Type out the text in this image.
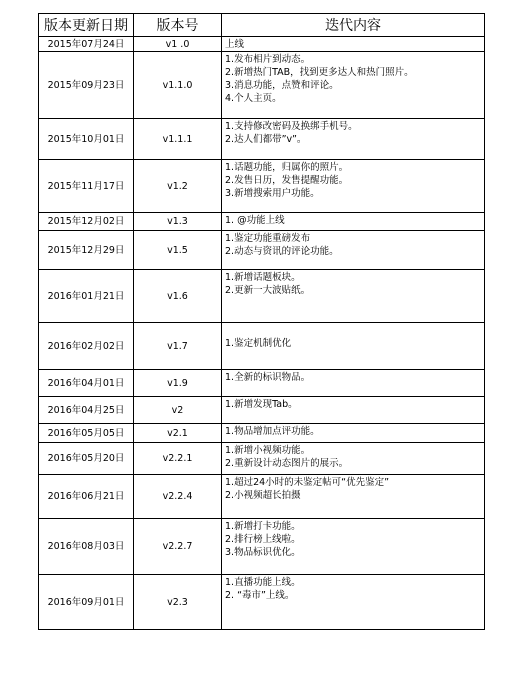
版本更新日期	版本号	迭代内容
2015年07月24日	v1 .0	上线

2015年09月23日	v1.1.0	1.发布相片到动态。
2.新增热门TAB，找到更多达人和热门照片。
3.消息功能，点赞和评论。
4.个人主页。

2015年10月01日	v1.1.1	1.支持修改密码及换绑手机号。
2.达人们都带”v”。

2015年11月17日	v1.2	1.话题功能，归属你的照片。
2.发售日历，发售提醒功能。
3.新增搜索用户功能。

2015年12月02日	v1.3	1. @功能上线

2015年12月29日	v1.5	1.鉴定功能重磅发布
2.动态与资讯的评论功能。

2016年01月21日	v1.6	1.新增话题板块。
2.更新一大波贴纸。

2016年02月02日	v1.7	1.鉴定机制优化

2016年04月01日	v1.9	1.全新的标识物品。

2016年04月25日	v2	1.新增发现Tab。

2016年05月05日	v2.1	1.物品增加点评功能。

2016年05月20日	v2.2.1	1.新增小视频功能。
2.重新设计动态图片的展示。

2016年06月21日	v2.2.4	1.超过24小时的未鉴定帖可“优先鉴定”
2.小视频超长拍摄

2016年08月03日	v2.2.7	1.新增打卡功能。
2.排行榜上线啦。
3.物品标识优化。

2016年09月01日	v2.3	1.直播功能上线。
2. “毒市”上线。
